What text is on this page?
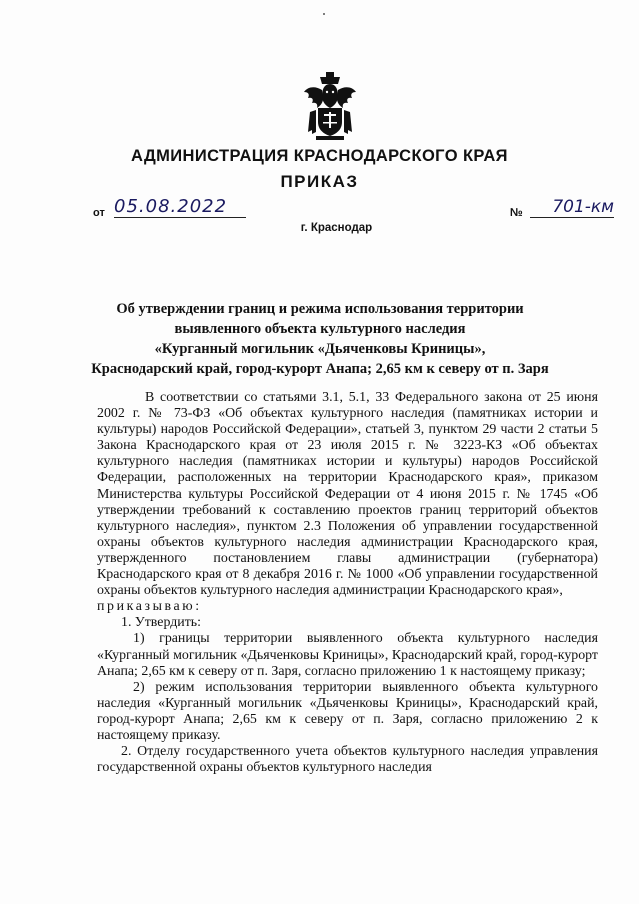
АДМИНИСТРАЦИЯ КРАСНОДАРСКОГО КРАЯ
ПРИКАЗ
от 05.08.2022
г. Краснодар
№	701-км
Об утверждении границ и режима использования территории
выявленного объекта культурного наследия
«Курганный могильник «Дьяченковы Криницы»,
Краснодарский край, город-курорт Анапа; 2,65 км к северу от п. Заря

В соответствии со статьями 3.1, 5.1, 33 Федерального закона от 25 июня 2002 г. № 73-ФЗ «Об объектах культурного наследия (памятниках истории и культуры) народов Российской Федерации», статьей 3, пунктом 29 части 2 статьи 5 Закона Краснодарского края от 23 июля 2015 г. № 3223-КЗ «Об объектах культурного наследия (памятниках истории и культуры) народов Российской Федерации, расположенных на территории Краснодарского края», приказом Министерства культуры Российской Федерации от 4 июня 2015 г. № 1745 «Об утверждении требований к составлению проектов границ территорий объектов культурного наследия», пунктом 2.3 Положения об управлении государственной охраны объектов культурного наследия администрации Краснодарского края, утвержденного постановлением главы администрации (губернатора) Краснодарского края от 8 декабря 2016 г. № 1000 «Об управлении государственной охраны объектов культурного наследия администрации Краснодарского края»,

приказываю:

1. Утвердить:

1) границы территории выявленного объекта культурного наследия «Курганный могильник «Дьяченковы Криницы», Краснодарский край, город-курорт Анапа; 2,65 км к северу от п. Заря, согласно приложению 1 к настоящему приказу;

2) режим использования территории выявленного объекта культурного наследия «Курганный могильник «Дьяченковы Криницы», Краснодарский край, город-курорт Анапа; 2,65 км к северу от п. Заря, согласно приложению 2 к настоящему приказу.

2. Отделу государственного учета объектов культурного наследия управления государственной охраны объектов культурного наследия
